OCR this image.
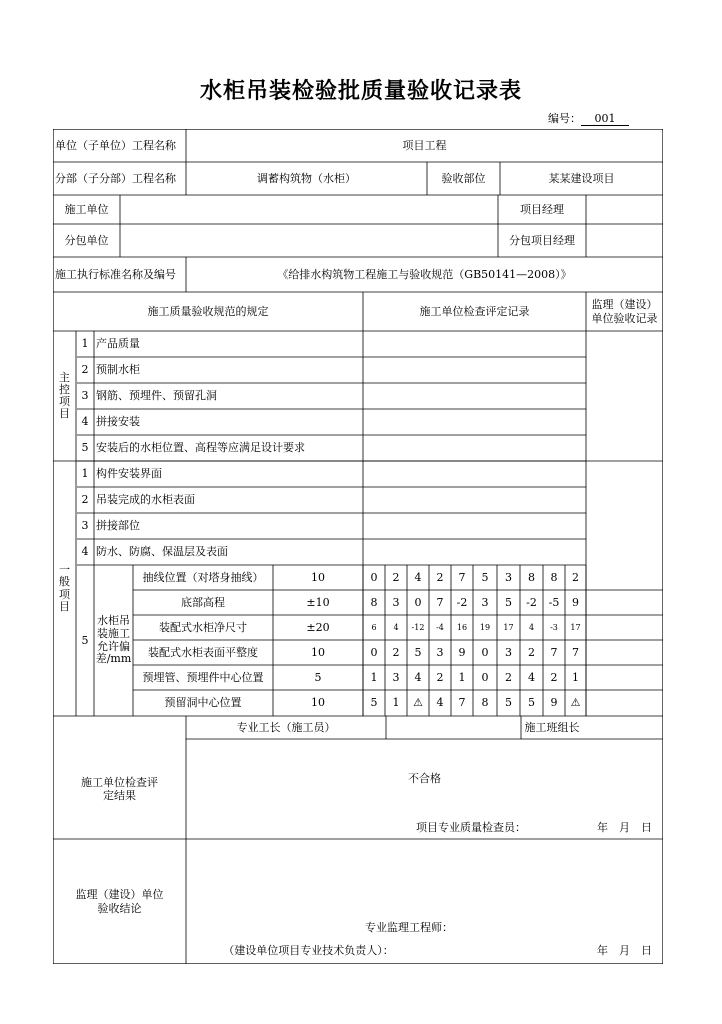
水柜吊装检验批质量验收记录表
编号： 001
单位（子单位）工程名称	项目工程
分部（子分部）工程名称	调蓄构筑物（水柜）	验收部位	某某建设项目
施工单位	项目经理
分包单位	分包项目经理
施工执行标准名称及编号	《给排水构筑物工程施工与验收规范（GB50141—2008）》
施工质量验收规范的规定	施工单位检查评定记录
监理（建设）单位验收记录
主控项目
1 产品质量
2 预制水柜
3 钢筋、预埋件、预留孔洞
4 拼接安装
5 安装后的水柜位置、高程等应满足设计要求
一般项目
1 构件安装界面
2 吊装完成的水柜表面
3 拼接部位
4 防水、防腐、保温层及表面
5
水柜吊装施工允许偏差/mm
抽线位置（对塔身抽线）	10	0	2	4	2	7	5	3	8	8	2
底部高程	±10	8	3	0	7	-2	3	5	-2	-5	9
装配式水柜净尺寸	±20	6	4	-12	-4	16	19	17	4	-3	17
装配式水柜表面平整度	10	0	2	5	3	9	0	3	2	7	7
预埋管、预埋件中心位置	5	1	3	4	2	1	0	2	4	2	1
预留洞中心位置	10	5	1	⚠	4	7	8	5	5	9	⚠
专业工长（施工员）	施工班组长
施工单位检查评定结果
不合格
项目专业质量检查员：	年　月　日
监理（建设）单位验收结论
专业监理工程师：
（建设单位项目专业技术负责人）：	年　月　日
